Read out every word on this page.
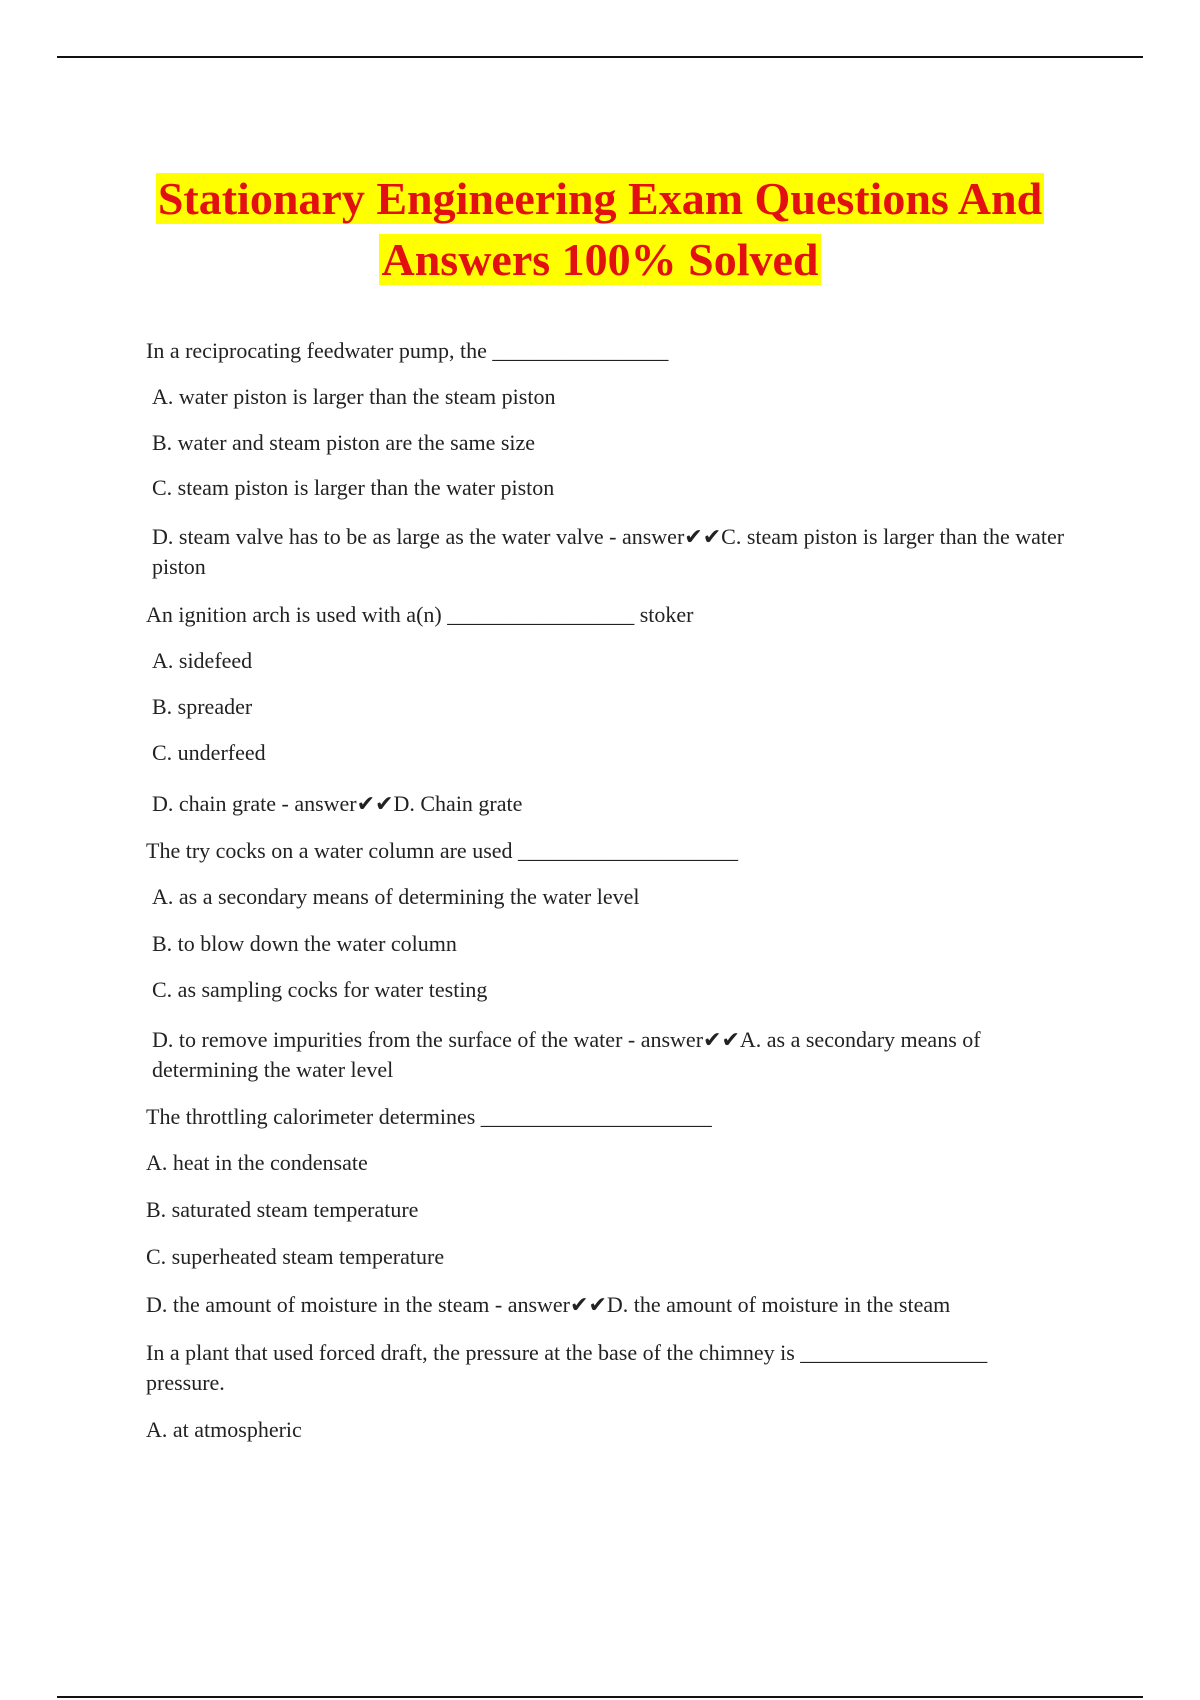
Stationary Engineering Exam Questions And
Answers 100% Solved
In a reciprocating feedwater pump, the ________________
A. water piston is larger than the steam piston
B. water and steam piston are the same size
C. steam piston is larger than the water piston
D. steam valve has to be as large as the water valve - answer✔✔C. steam piston is larger than the water piston
An ignition arch is used with a(n) _________________ stoker
A. sidefeed
B. spreader
C. underfeed
D. chain grate - answer✔✔D. Chain grate
The try cocks on a water column are used ____________________
A. as a secondary means of determining the water level
B. to blow down the water column
C. as sampling cocks for water testing
D. to remove impurities from the surface of the water - answer✔✔A. as a secondary means of determining the water level
The throttling calorimeter determines _____________________
A. heat in the condensate
B. saturated steam temperature
C. superheated steam temperature
D. the amount of moisture in the steam - answer✔✔D. the amount of moisture in the steam
In a plant that used forced draft, the pressure at the base of the chimney is _________________ pressure.
A. at atmospheric
